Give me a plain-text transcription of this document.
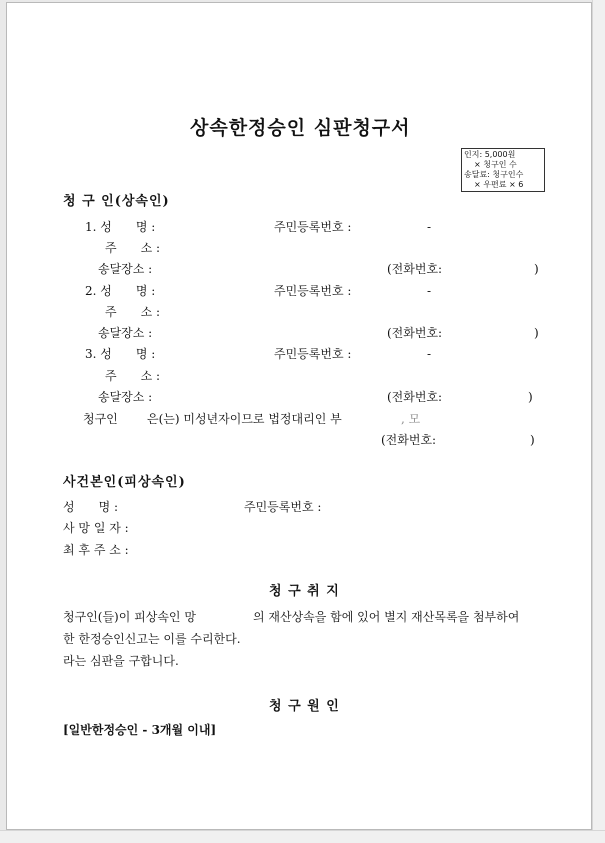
상속한정승인 심판청구서
인지: 5,000원
× 청구인 수
송달료: 청구인수
× 우편료 × 6
청 구 인(상속인)
1. 성　　명 :	주민등록번호 :	-
주　　소 :
송달장소 :	(전화번호:	)
2. 성　　명 :	주민등록번호 :	-
주　　소 :
송달장소 :	(전화번호:	)
3. 성　　명 :	주민등록번호 :	-
주　　소 :
송달장소 :	(전화번호:	)
청구인 은(는) 미성년자이므로 법정대리인 부	, 모
(전화번호:	)
사건본인(피상속인)
성　　명 :	주민등록번호 :
사 망 일 자 :
최 후 주 소 :
청 구 취 지
청구인(들)이 피상속인 망	의 재산상속을 함에 있어 별지 재산목록을 첨부하여
한 한정승인신고는 이를 수리한다.
라는 심판을 구합니다.
청 구 원 인
[일반한정승인 - 3개월 이내]
